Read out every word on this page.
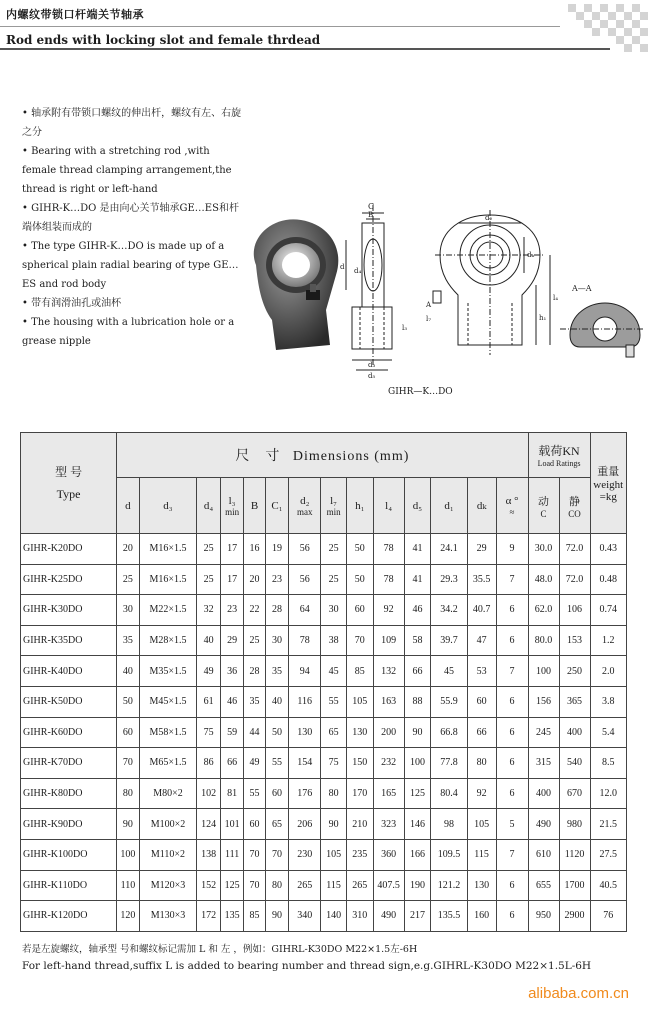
内螺纹带锁口杆端关节轴承
Rod ends with locking slot and female thrdead

• 轴承附有带锁口螺纹的伸出杆，螺纹有左、右旋之分

• Bearing with a stretching rod ,with female thread clamping arrangement,the thread is right or left-hand

• GIHR-K…DO 是由向心关节轴承GE…ES和杆端体组装而成的

• The type GIHR-K…DO is made up of a spherical plain radial bearing of type GE…ES and rod body

• 带有润滑油孔或油杯

• The housing with a lubrication hole or a grease nipple

C
B
d d₄
d₃
d₅
l₃
d₂
dₖ
l₄
h₁
A
l₇
A—A
GIHR—K…DO
型 号
Type	尺　寸 Dimensions (mm)														载荷KN
Load Ratings		重量
weight
=kg
	d	d₃	d₄	l₃
min	B	C₁	d₂
max	l₇
min	h₁	l₄	d₅	d₁	dₖ	α °
≈	动
C	静
CO	

GIHR-K20DO	20	M16×1.5	25	17	16	19	56	25	50	78	41	24.1	29	9	30.0	72.0	0.43
GIHR-K25DO	25	M16×1.5	25	17	20	23	56	25	50	78	41	29.3	35.5	7	48.0	72.0	0.48
GIHR-K30DO	30	M22×1.5	32	23	22	28	64	30	60	92	46	34.2	40.7	6	62.0	106	0.74
GIHR-K35DO	35	M28×1.5	40	29	25	30	78	38	70	109	58	39.7	47	6	80.0	153	1.2
GIHR-K40DO	40	M35×1.5	49	36	28	35	94	45	85	132	66	45	53	7	100	250	2.0
GIHR-K50DO	50	M45×1.5	61	46	35	40	116	55	105	163	88	55.9	60	6	156	365	3.8
GIHR-K60DO	60	M58×1.5	75	59	44	50	130	65	130	200	90	66.8	66	6	245	400	5.4
GIHR-K70DO	70	M65×1.5	86	66	49	55	154	75	150	232	100	77.8	80	6	315	540	8.5
GIHR-K80DO	80	M80×2	102	81	55	60	176	80	170	165	125	80.4	92	6	400	670	12.0
GIHR-K90DO	90	M100×2	124	101	60	65	206	90	210	323	146	98	105	5	490	980	21.5
GIHR-K100DO	100	M110×2	138	111	70	70	230	105	235	360	166	109.5	115	7	610	1120	27.5
GIHR-K110DO	110	M120×3	152	125	70	80	265	115	265	407.5	190	121.2	130	6	655	1700	40.5
GIHR-K120DO	120	M130×3	172	135	85	90	340	140	310	490	217	135.5	160	6	950	2900	76
若是左旋螺纹，轴承型 号和螺纹标记需加 L 和 左 ，例如：GIHRL-K30DO M22×1.5左-6H
For left-hand thread,suffix L is added to bearing number and thread sign,e.g.GIHRL-K30DO M22×1.5L-6H
alibaba.com.cn
